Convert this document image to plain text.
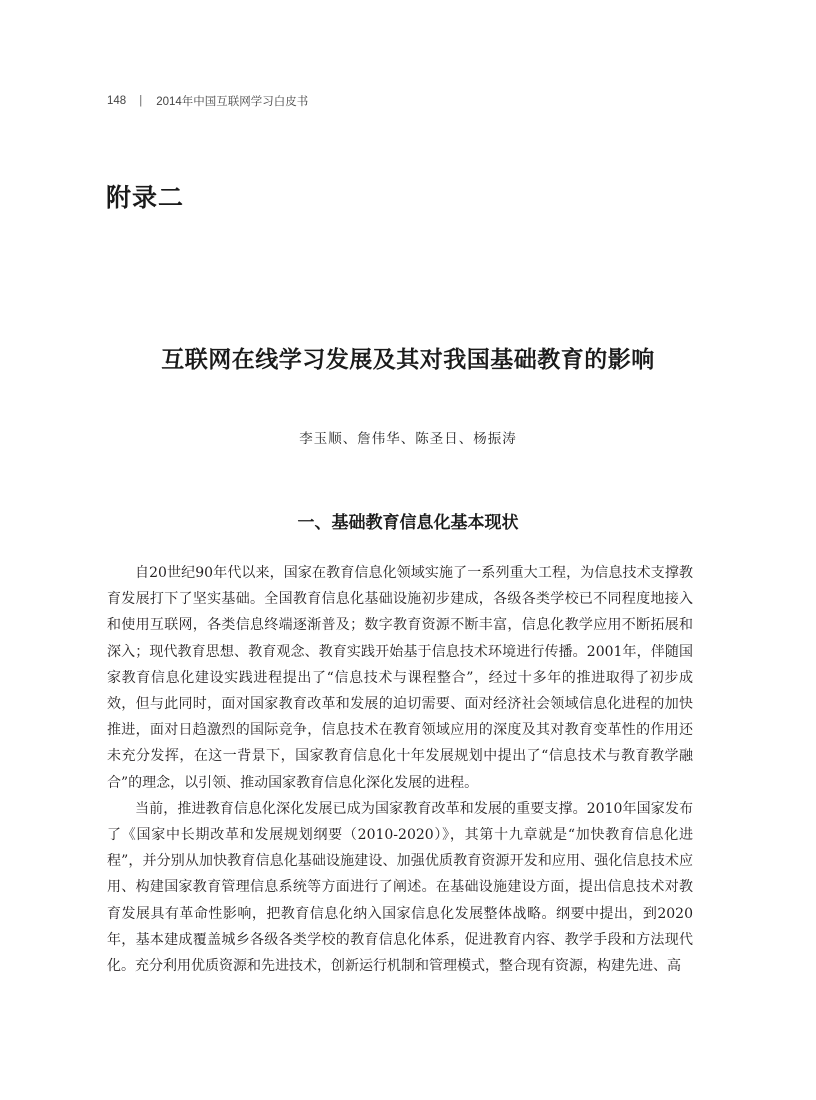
148 | 2014年中国互联网学习白皮书
附录二
互联网在线学习发展及其对我国基础教育的影响
李玉顺、詹伟华、陈圣日、杨振涛
一、基础教育信息化基本现状

自20世纪90年代以来，国家在教育信息化领域实施了一系列重大工程，为信息技术支撑教育发展打下了坚实基础。全国教育信息化基础设施初步建成，各级各类学校已不同程度地接入和使用互联网，各类信息终端逐渐普及；数字教育资源不断丰富，信息化教学应用不断拓展和深入；现代教育思想、教育观念、教育实践开始基于信息技术环境进行传播。2001年，伴随国家教育信息化建设实践进程提出了“信息技术与课程整合”，经过十多年的推进取得了初步成效，但与此同时，面对国家教育改革和发展的迫切需要、面对经济社会领域信息化进程的加快推进，面对日趋激烈的国际竞争，信息技术在教育领域应用的深度及其对教育变革性的作用还未充分发挥，在这一背景下，国家教育信息化十年发展规划中提出了“信息技术与教育教学融合”的理念，以引领、推动国家教育信息化深化发展的进程。

当前，推进教育信息化深化发展已成为国家教育改革和发展的重要支撑。2010年国家发布了《国家中长期改革和发展规划纲要（2010-2020）》，其第十九章就是“加快教育信息化进程”，并分别从加快教育信息化基础设施建设、加强优质教育资源开发和应用、强化信息技术应用、构建国家教育管理信息系统等方面进行了阐述。在基础设施建设方面，提出信息技术对教育发展具有革命性影响，把教育信息化纳入国家信息化发展整体战略。纲要中提出，到2020年，基本建成覆盖城乡各级各类学校的教育信息化体系，促进教育内容、教学手段和方法现代化。充分利用优质资源和先进技术，创新运行机制和管理模式，整合现有资源，构建先进、高
